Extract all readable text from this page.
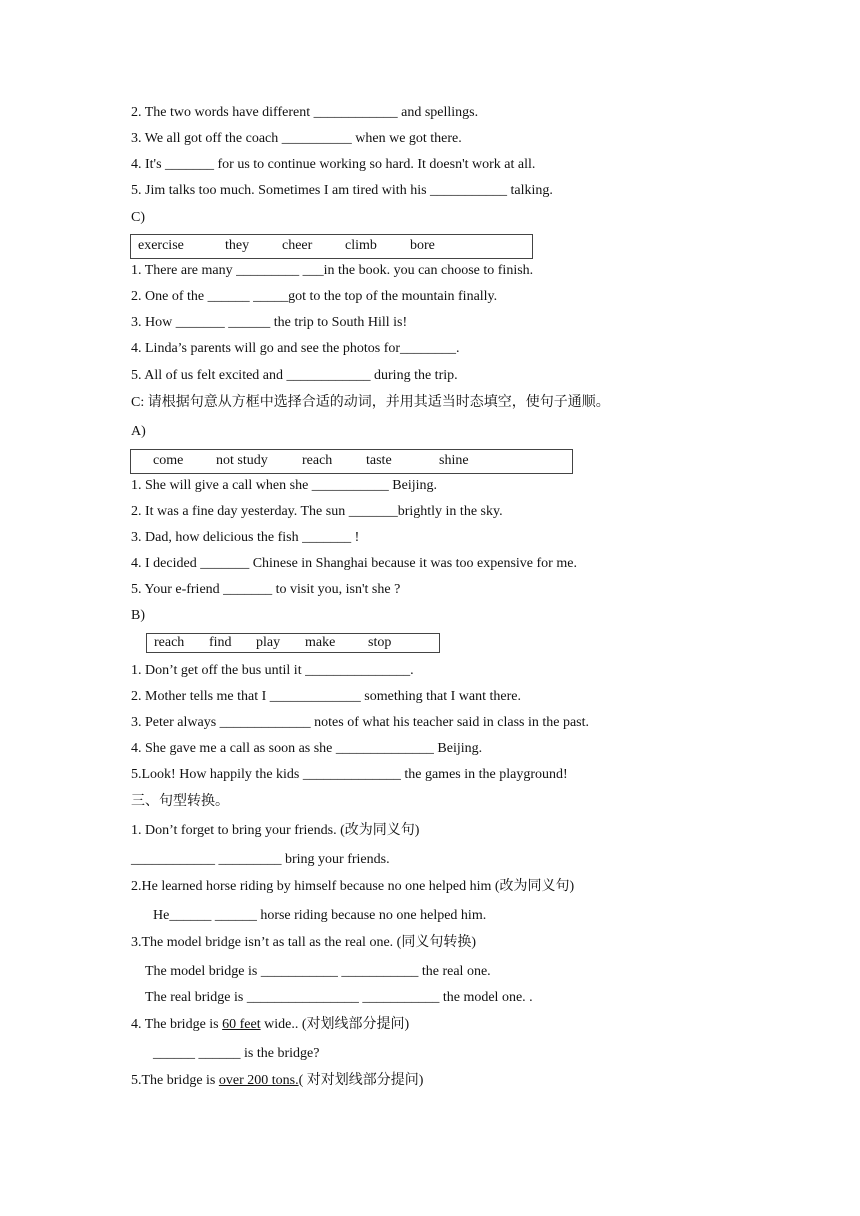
2. The two words have different ____________ and spellings.
3. We all got off the coach __________ when we got there.
4. It's _______ for us to continue working so hard. It doesn't work at all.
5. Jim talks too much. Sometimes I am tired with his ___________ talking.
C)
exercise	they cheer climb bore
1. There are many _________ ___in the book. you can choose to finish.
2. One of the ______ _____got to the top of the mountain finally.
3. How _______ ______ the trip to South Hill is!
4. Linda’s parents will go and see the photos for________.
5. All of us felt excited and ____________ during the trip.
C: 请根据句意从方框中选择合适的动词，并用其适当时态填空，使句子通顺。
A)
come not study reach taste	shine
1. She will give a call when she ___________ Beijing.
2. It was a fine day yesterday. The sun _______brightly in the sky.
3. Dad, how delicious the fish _______ !
4. I decided _______ Chinese in Shanghai because it was too expensive for me.
5. Your e-friend _______ to visit you, isn't she ?
B)
reach find play make stop
1. Don’t get off the bus until it _______________.
2. Mother tells me that I _____________ something that I want there.
3. Peter always _____________ notes of what his teacher said in class in the past.
4. She gave me a call as soon as she ______________ Beijing.
5.Look! How happily the kids ______________ the games in the playground!
三、句型转换。
1. Don’t forget to bring your friends. (改为同义句)
____________ _________ bring your friends.
2.He learned horse riding by himself because no one helped him (改为同义句)
He______ ______ horse riding because no one helped him.
3.The model bridge isn’t as tall as the real one. (同义句转换)
The model bridge is ___________ ___________ the real one.
The real bridge is ________________ ___________ the model one. .
4. The bridge is 60 feet wide.. (对划线部分提问)
______ ______ is the bridge?
5.The bridge is over 200 tons.( 对对划线部分提问)
